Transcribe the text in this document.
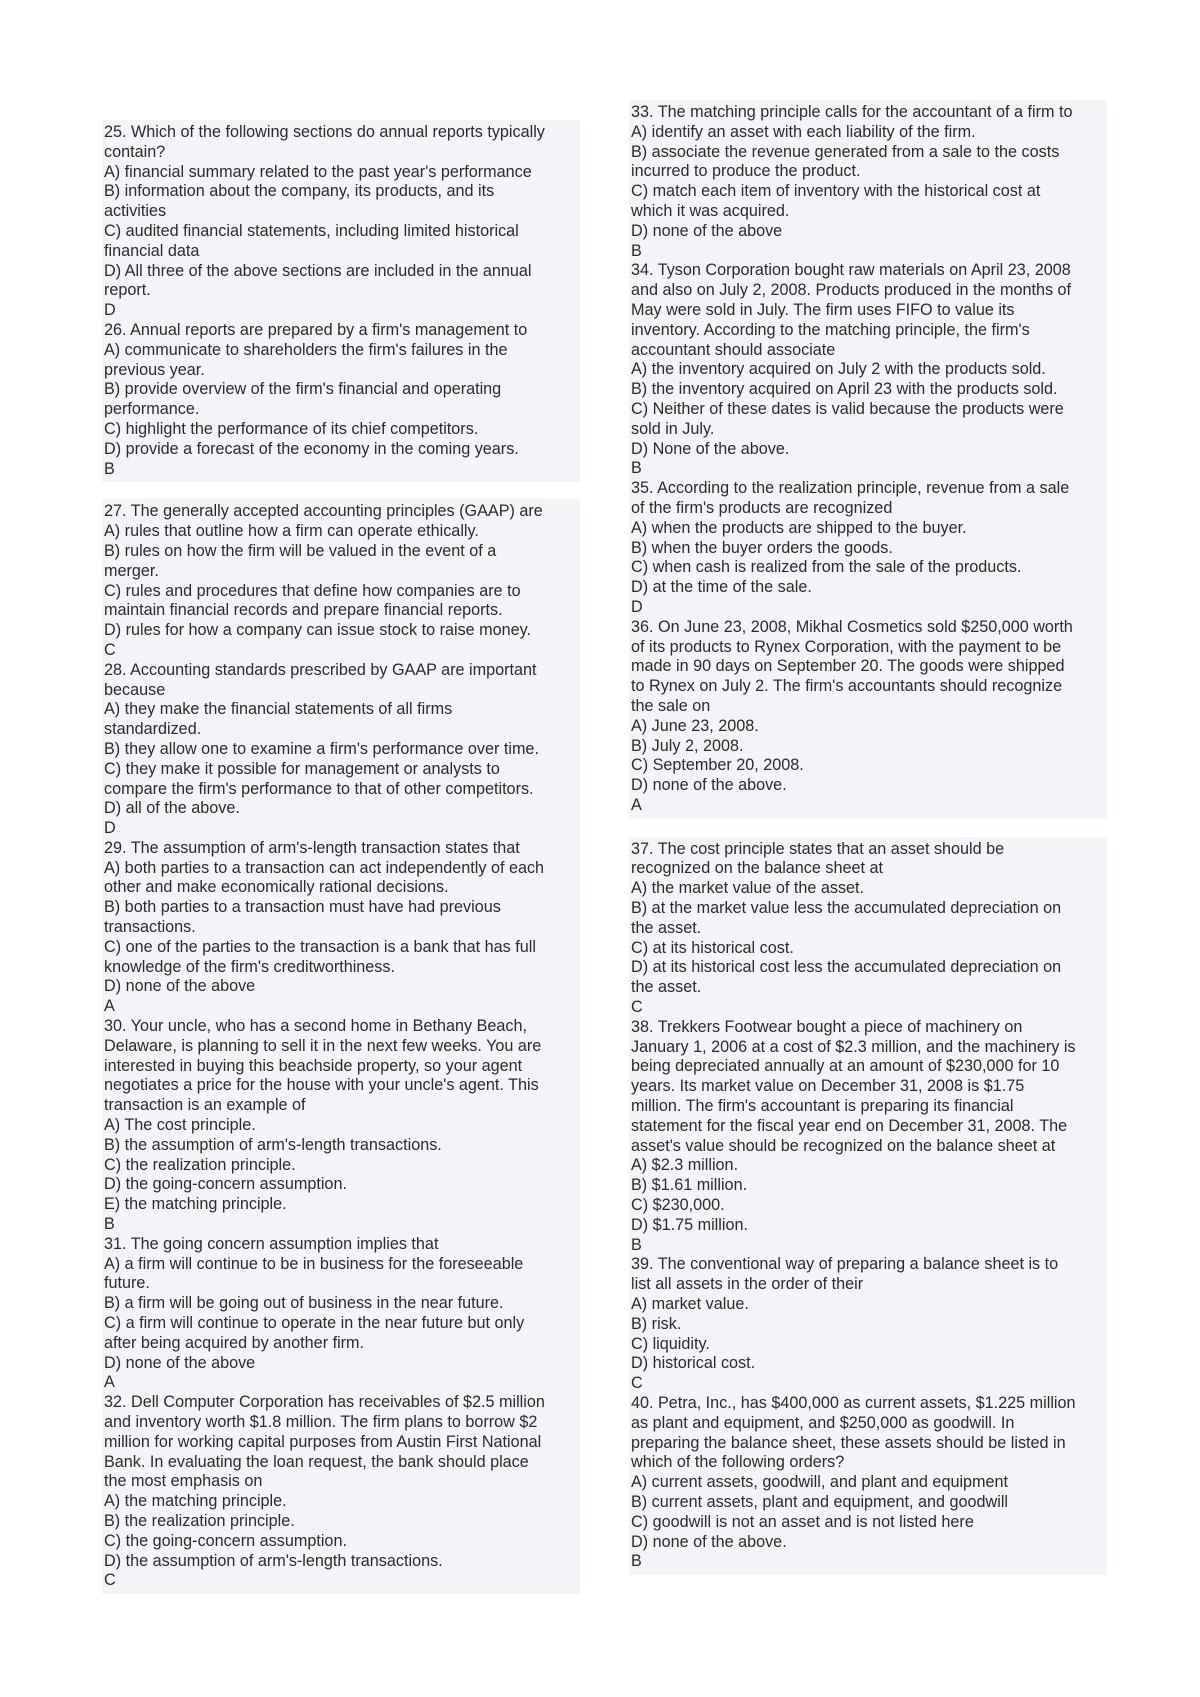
25. Which of the following sections do annual reports typically
contain?
A) financial summary related to the past year's performance
B) information about the company, its products, and its
activities
C) audited financial statements, including limited historical
financial data
D) All three of the above sections are included in the annual
report.
D
26. Annual reports are prepared by a firm's management to
A) communicate to shareholders the firm's failures in the
previous year.
B) provide overview of the firm's financial and operating
performance.
C) highlight the performance of its chief competitors.
D) provide a forecast of the economy in the coming years.
B
27. The generally accepted accounting principles (GAAP) are
A) rules that outline how a firm can operate ethically.
B) rules on how the firm will be valued in the event of a
merger.
C) rules and procedures that define how companies are to
maintain financial records and prepare financial reports.
D) rules for how a company can issue stock to raise money.
C
28. Accounting standards prescribed by GAAP are important
because
A) they make the financial statements of all firms
standardized.
B) they allow one to examine a firm's performance over time.
C) they make it possible for management or analysts to
compare the firm's performance to that of other competitors.
D) all of the above.
D
29. The assumption of arm's-length transaction states that
A) both parties to a transaction can act independently of each
other and make economically rational decisions.
B) both parties to a transaction must have had previous
transactions.
C) one of the parties to the transaction is a bank that has full
knowledge of the firm's creditworthiness.
D) none of the above
A
30. Your uncle, who has a second home in Bethany Beach,
Delaware, is planning to sell it in the next few weeks. You are
interested in buying this beachside property, so your agent
negotiates a price for the house with your uncle's agent. This
transaction is an example of
A) The cost principle.
B) the assumption of arm's-length transactions.
C) the realization principle.
D) the going-concern assumption.
E) the matching principle.
B
31. The going concern assumption implies that
A) a firm will continue to be in business for the foreseeable
future.
B) a firm will be going out of business in the near future.
C) a firm will continue to operate in the near future but only
after being acquired by another firm.
D) none of the above
A
32. Dell Computer Corporation has receivables of $2.5 million
and inventory worth $1.8 million. The firm plans to borrow $2
million for working capital purposes from Austin First National
Bank. In evaluating the loan request, the bank should place
the most emphasis on
A) the matching principle.
B) the realization principle.
C) the going-concern assumption.
D) the assumption of arm's-length transactions.
C
33. The matching principle calls for the accountant of a firm to
A) identify an asset with each liability of the firm.
B) associate the revenue generated from a sale to the costs
incurred to produce the product.
C) match each item of inventory with the historical cost at
which it was acquired.
D) none of the above
B
34. Tyson Corporation bought raw materials on April 23, 2008
and also on July 2, 2008. Products produced in the months of
May were sold in July. The firm uses FIFO to value its
inventory. According to the matching principle, the firm's
accountant should associate
A) the inventory acquired on July 2 with the products sold.
B) the inventory acquired on April 23 with the products sold.
C) Neither of these dates is valid because the products were
sold in July.
D) None of the above.
B
35. According to the realization principle, revenue from a sale
of the firm's products are recognized
A) when the products are shipped to the buyer.
B) when the buyer orders the goods.
C) when cash is realized from the sale of the products.
D) at the time of the sale.
D
36. On June 23, 2008, Mikhal Cosmetics sold $250,000 worth
of its products to Rynex Corporation, with the payment to be
made in 90 days on September 20. The goods were shipped
to Rynex on July 2. The firm's accountants should recognize
the sale on
A) June 23, 2008.
B) July 2, 2008.
C) September 20, 2008.
D) none of the above.
A
37. The cost principle states that an asset should be
recognized on the balance sheet at
A) the market value of the asset.
B) at the market value less the accumulated depreciation on
the asset.
C) at its historical cost.
D) at its historical cost less the accumulated depreciation on
the asset.
C
38. Trekkers Footwear bought a piece of machinery on
January 1, 2006 at a cost of $2.3 million, and the machinery is
being depreciated annually at an amount of $230,000 for 10
years. Its market value on December 31, 2008 is $1.75
million. The firm's accountant is preparing its financial
statement for the fiscal year end on December 31, 2008. The
asset's value should be recognized on the balance sheet at
A) $2.3 million.
B) $1.61 million.
C) $230,000.
D) $1.75 million.
B
39. The conventional way of preparing a balance sheet is to
list all assets in the order of their
A) market value.
B) risk.
C) liquidity.
D) historical cost.
C
40. Petra, Inc., has $400,000 as current assets, $1.225 million
as plant and equipment, and $250,000 as goodwill. In
preparing the balance sheet, these assets should be listed in
which of the following orders?
A) current assets, goodwill, and plant and equipment
B) current assets, plant and equipment, and goodwill
C) goodwill is not an asset and is not listed here
D) none of the above.
B
